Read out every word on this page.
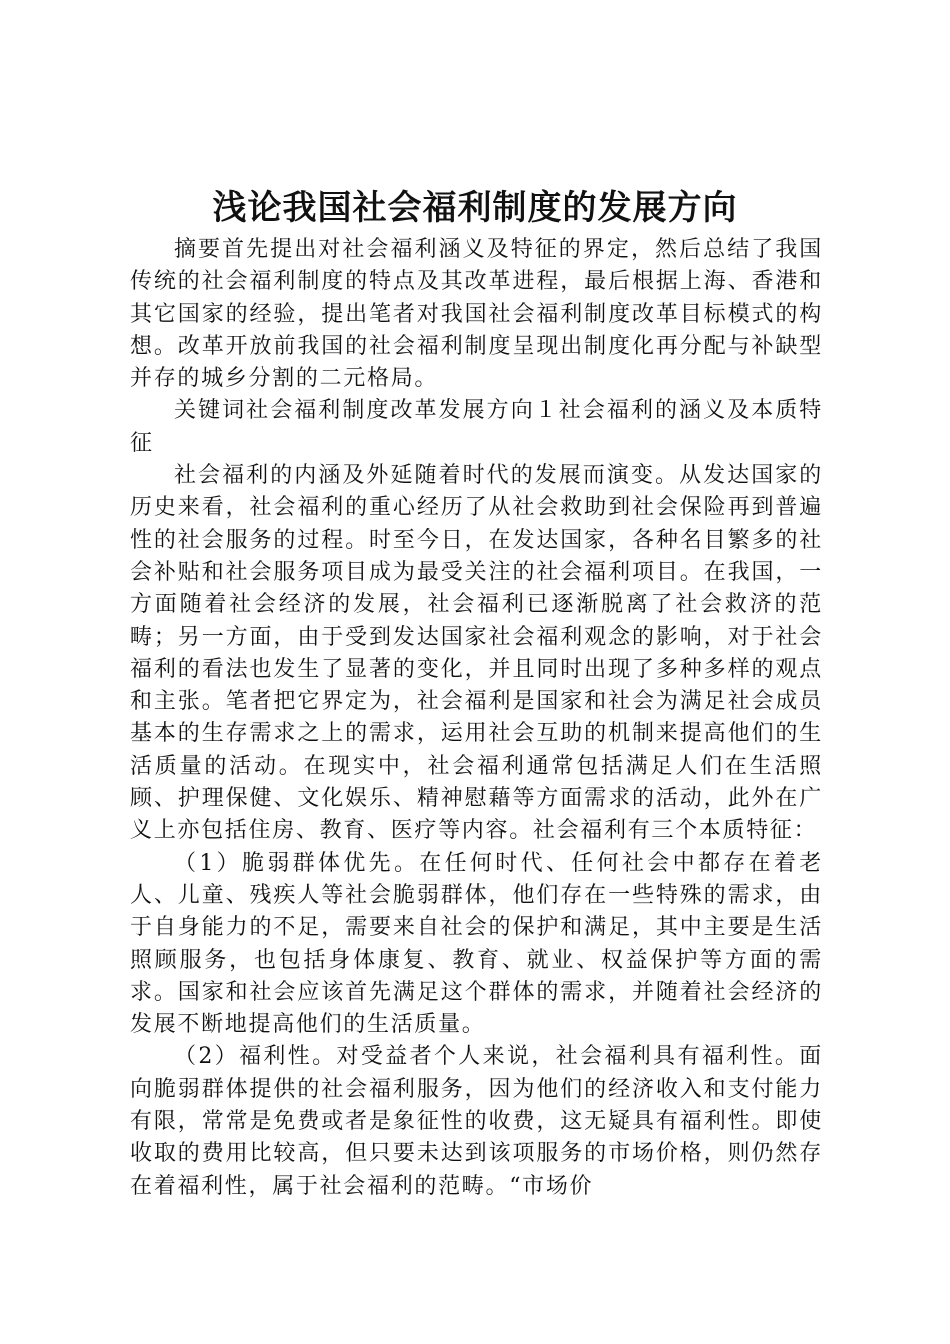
浅论我国社会福利制度的发展方向

摘要首先提出对社会福利涵义及特征的界定，然后总结了我国传统的社会福利制度的特点及其改革进程，最后根据上海、香港和其它国家的经验，提出笔者对我国社会福利制度改革目标模式的构想。改革开放前我国的社会福利制度呈现出制度化再分配与补缺型并存的城乡分割的二元格局。

关键词社会福利制度改革发展方向１社会福利的涵义及本质特征

社会福利的内涵及外延随着时代的发展而演变。从发达国家的历史来看，社会福利的重心经历了从社会救助到社会保险再到普遍性的社会服务的过程。时至今日，在发达国家，各种名目繁多的社会补贴和社会服务项目成为最受关注的社会福利项目。在我国，一方面随着社会经济的发展，社会福利已逐渐脱离了社会救济的范畴；另一方面，由于受到发达国家社会福利观念的影响，对于社会福利的看法也发生了显著的变化，并且同时出现了多种多样的观点和主张。笔者把它界定为，社会福利是国家和社会为满足社会成员基本的生存需求之上的需求，运用社会互助的机制来提高他们的生活质量的活动。在现实中，社会福利通常包括满足人们在生活照顾、护理保健、文化娱乐、精神慰藉等方面需求的活动，此外在广义上亦包括住房、教育、医疗等内容。社会福利有三个本质特征：

（1）脆弱群体优先。在任何时代、任何社会中都存在着老人、儿童、残疾人等社会脆弱群体，他们存在一些特殊的需求，由于自身能力的不足，需要来自社会的保护和满足，其中主要是生活照顾服务，也包括身体康复、教育、就业、权益保护等方面的需求。国家和社会应该首先满足这个群体的需求，并随着社会经济的发展不断地提高他们的生活质量。

（2）福利性。对受益者个人来说，社会福利具有福利性。面向脆弱群体提供的社会福利服务，因为他们的经济收入和支付能力有限，常常是免费或者是象征性的收费，这无疑具有福利性。即使收取的费用比较高，但只要未达到该项服务的市场价格，则仍然存在着福利性，属于社会福利的范畴。“市场价
